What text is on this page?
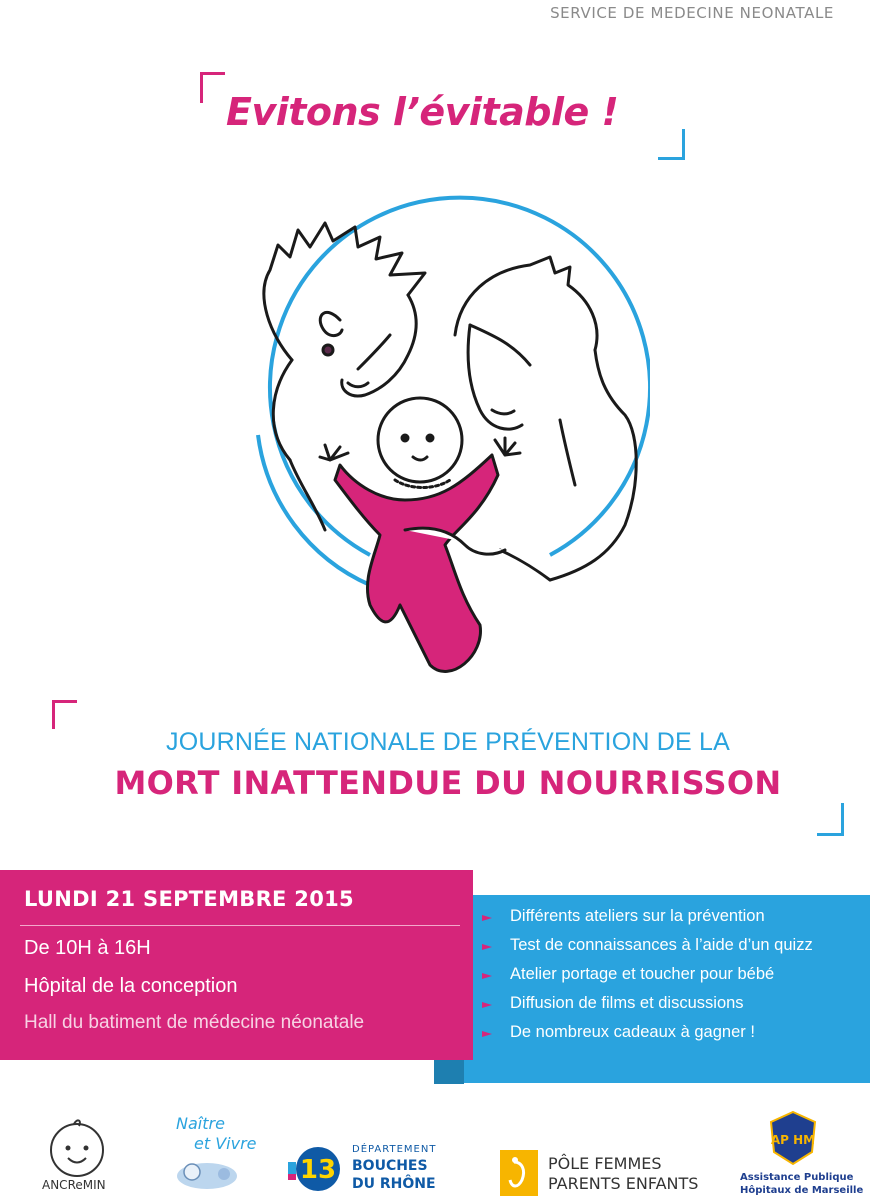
SERVICE DE MEDECINE NEONATALE
Evitons l’évitable !
JOURNÉE NATIONALE DE PRÉVENTION DE LA
MORT INATTENDUE DU NOURRISSON
Différents ateliers sur la prévention
Test de connaissances à l’aide d’un quizz
Atelier portage et toucher pour bébé
Diffusion de films et discussions
De nombreux cadeaux à gagner !
LUNDI 21 SEPTEMBRE 2015
De 10H à 16H
Hôpital de la conception
Hall du batiment de médecine néonatale
ANCReMIN
Naître
et Vivre
13
DÉPARTEMENT
BOUCHES
DU RHÔNE
PÔLE FEMMES
PARENTS ENFANTS
AP HM
Assistance Publique
Hôpitaux de Marseille
